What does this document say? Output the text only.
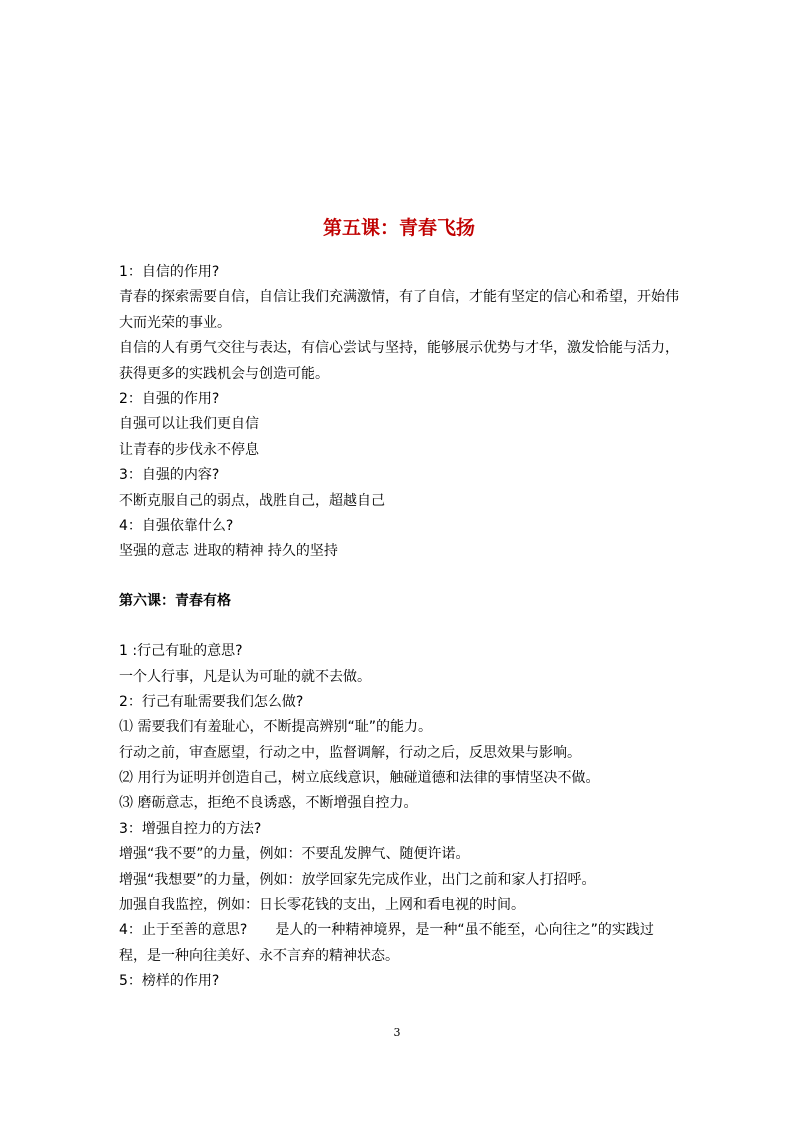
第五课：青春飞扬
1：自信的作用?
青春的探索需要自信，自信让我们充满激情，有了自信，才能有坚定的信心和希望，开始伟大而光荣的事业。
自信的人有勇气交往与表达，有信心尝试与坚持，能够展示优势与才华，激发恰能与活力，获得更多的实践机会与创造可能。
2：自强的作用?
自强可以让我们更自信
让青春的步伐永不停息
3：自强的内容?
不断克服自己的弱点，战胜自己，超越自己
4：自强依靠什么?
坚强的意志 进取的精神 持久的坚持
第六课：青春有格
1 :行己有耻的意思?
一个人行事，凡是认为可耻的就不去做。
2：行己有耻需要我们怎么做?
⑴ 需要我们有羞耻心，不断提高辨别“耻”的能力。
行动之前，审查愿望，行动之中，监督调解，行动之后，反思效果与影响。
⑵ 用行为证明并创造自己，树立底线意识，触碰道德和法律的事情坚决不做。
⑶ 磨砺意志，拒绝不良诱惑，不断增强自控力。
3：增强自控力的方法?
增强“我不要”的力量，例如：不要乱发脾气、随便许诺。
增强“我想要”的力量，例如：放学回家先完成作业，出门之前和家人打招呼。
加强自我监控，例如：日长零花钱的支出，上网和看电视的时间。
4：止于至善的意思?　　是人的一种精神境界，是一种“虽不能至，心向往之”的实践过程，是一种向往美好、永不言弃的精神状态。
5：榜样的作用?
3
